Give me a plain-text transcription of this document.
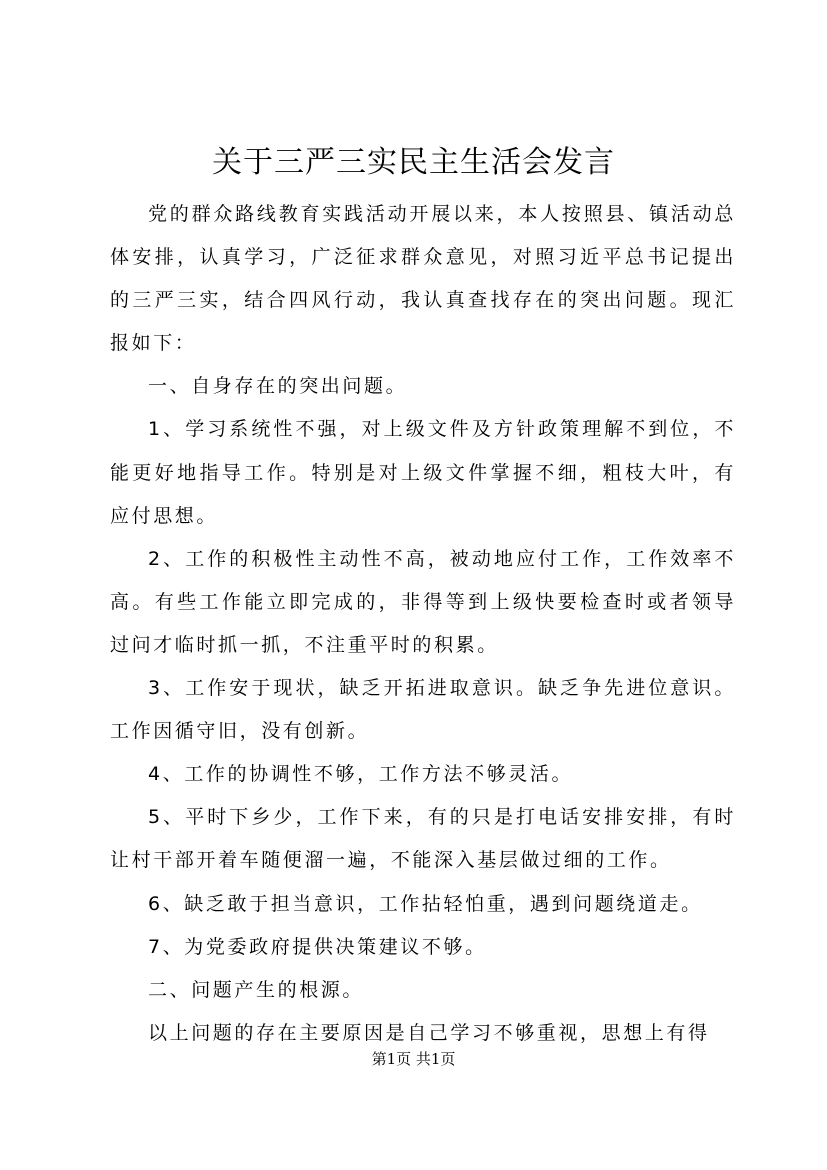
关于三严三实民主生活会发言

党的群众路线教育实践活动开展以来，本人按照县、镇活动总体安排，认真学习，广泛征求群众意见，对照习近平总书记提出的三严三实，结合四风行动，我认真查找存在的突出问题。现汇报如下：

一、自身存在的突出问题。

1、学习系统性不强，对上级文件及方针政策理解不到位，不能更好地指导工作。特别是对上级文件掌握不细，粗枝大叶，有应付思想。

2、工作的积极性主动性不高，被动地应付工作，工作效率不高。有些工作能立即完成的，非得等到上级快要检查时或者领导过问才临时抓一抓，不注重平时的积累。

3、工作安于现状，缺乏开拓进取意识。缺乏争先进位意识。工作因循守旧，没有创新。

4、工作的协调性不够，工作方法不够灵活。

5、平时下乡少，工作下来，有的只是打电话安排安排，有时让村干部开着车随便溜一遍，不能深入基层做过细的工作。

6、缺乏敢于担当意识，工作拈轻怕重，遇到问题绕道走。

7、为党委政府提供决策建议不够。

二、问题产生的根源。

以上问题的存在主要原因是自己学习不够重视，思想上有得

第1页 共1页
